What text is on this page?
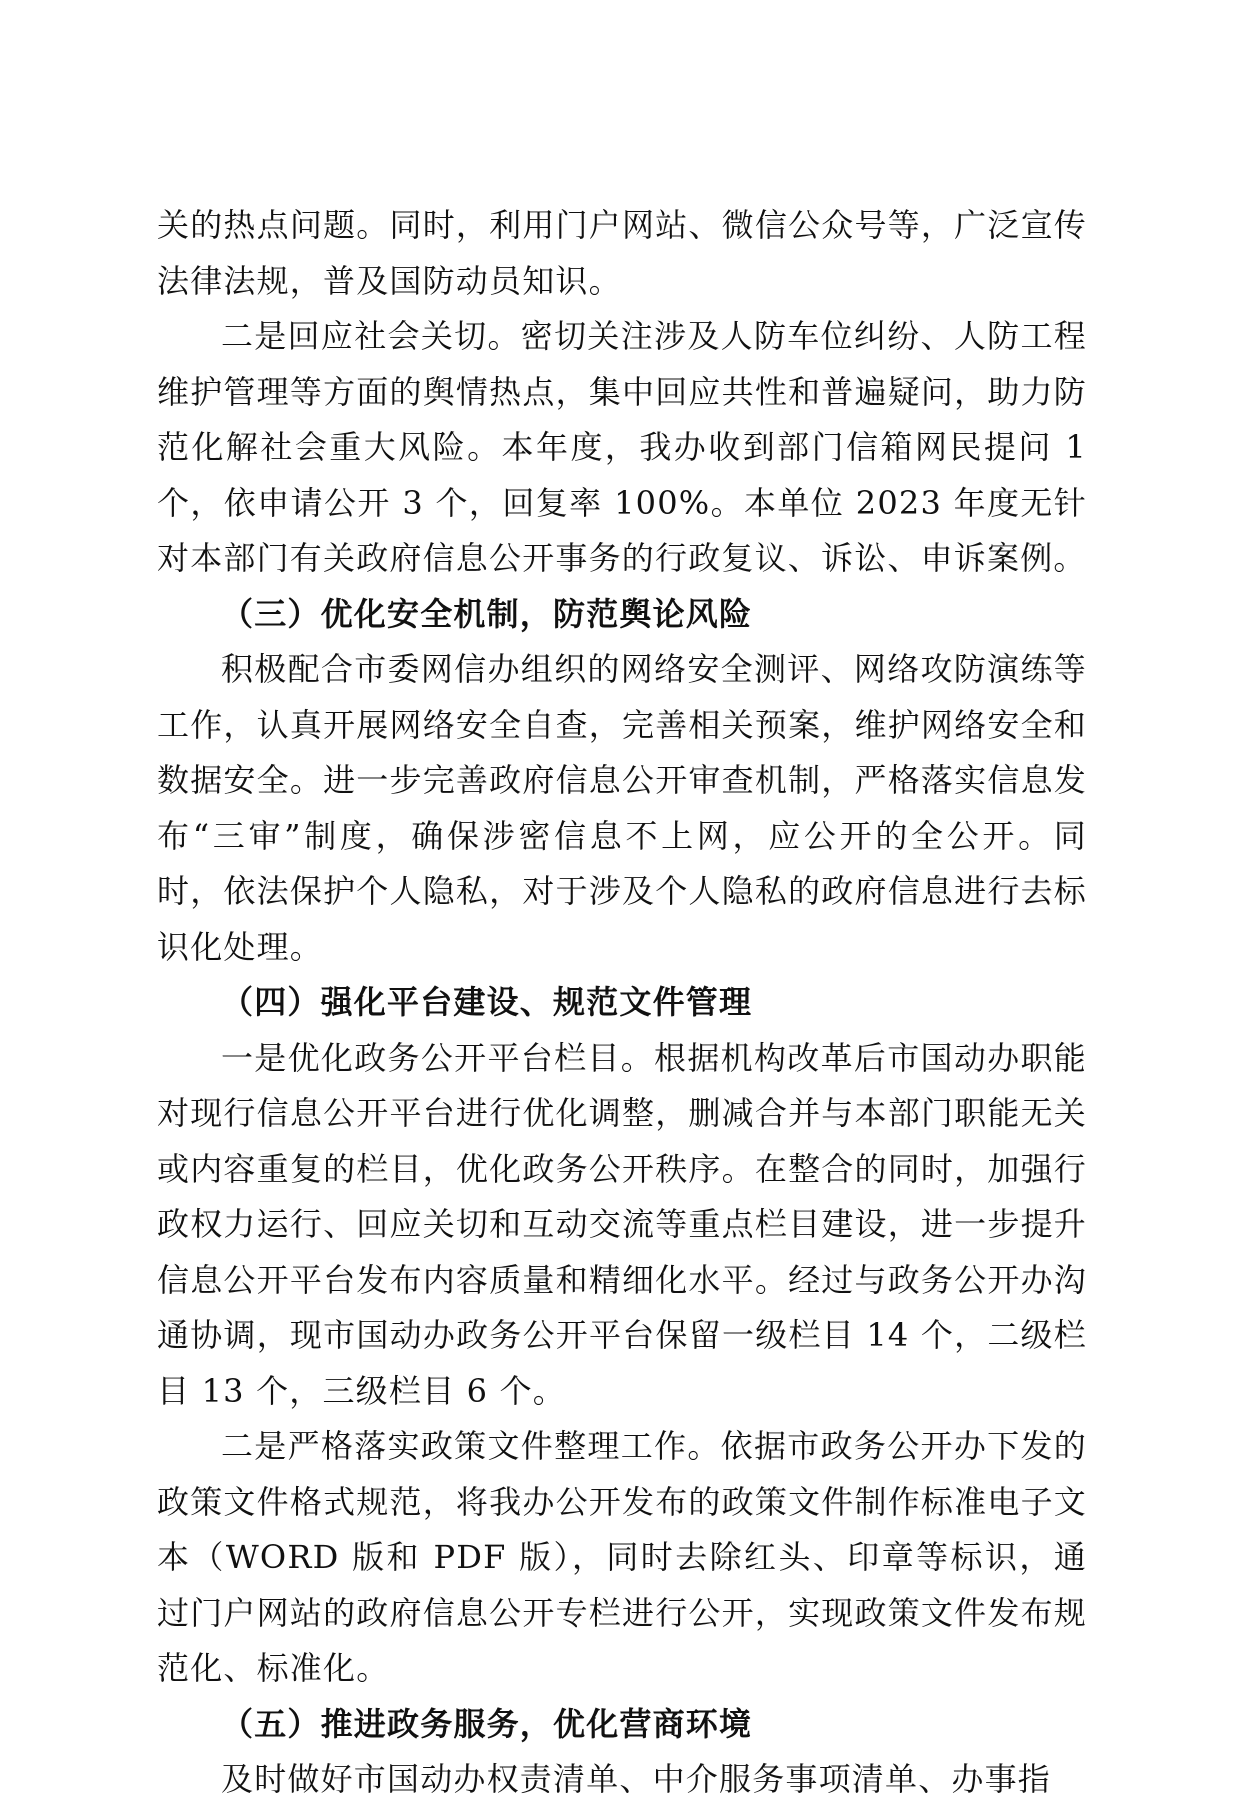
关的热点问题。同时，利用门户网站、微信公众号等，广泛宣传法律法规，普及国防动员知识。

二是回应社会关切。密切关注涉及人防车位纠纷、人防工程维护管理等方面的舆情热点，集中回应共性和普遍疑问，助力防范化解社会重大风险。本年度，我办收到部门信箱网民提问 1 个，依申请公开 3 个，回复率 100%。本单位 2023 年度无针对本部门有关政府信息公开事务的行政复议、诉讼、申诉案例。

（三）优化安全机制，防范舆论风险

积极配合市委网信办组织的网络安全测评、网络攻防演练等工作，认真开展网络安全自查，完善相关预案，维护网络安全和数据安全。进一步完善政府信息公开审查机制，严格落实信息发布“三审”制度，确保涉密信息不上网，应公开的全公开。同时，依法保护个人隐私，对于涉及个人隐私的政府信息进行去标识化处理。

（四）强化平台建设、规范文件管理

一是优化政务公开平台栏目。根据机构改革后市国动办职能对现行信息公开平台进行优化调整，删减合并与本部门职能无关或内容重复的栏目，优化政务公开秩序。在整合的同时，加强行政权力运行、回应关切和互动交流等重点栏目建设，进一步提升信息公开平台发布内容质量和精细化水平。经过与政务公开办沟通协调，现市国动办政务公开平台保留一级栏目 14 个，二级栏目 13 个，三级栏目 6 个。

二是严格落实政策文件整理工作。依据市政务公开办下发的政策文件格式规范，将我办公开发布的政策文件制作标准电子文本（WORD 版和 PDF 版），同时去除红头、印章等标识，通过门户网站的政府信息公开专栏进行公开，实现政策文件发布规范化、标准化。

（五）推进政务服务，优化营商环境

及时做好市国动办权责清单、中介服务事项清单、办事指
